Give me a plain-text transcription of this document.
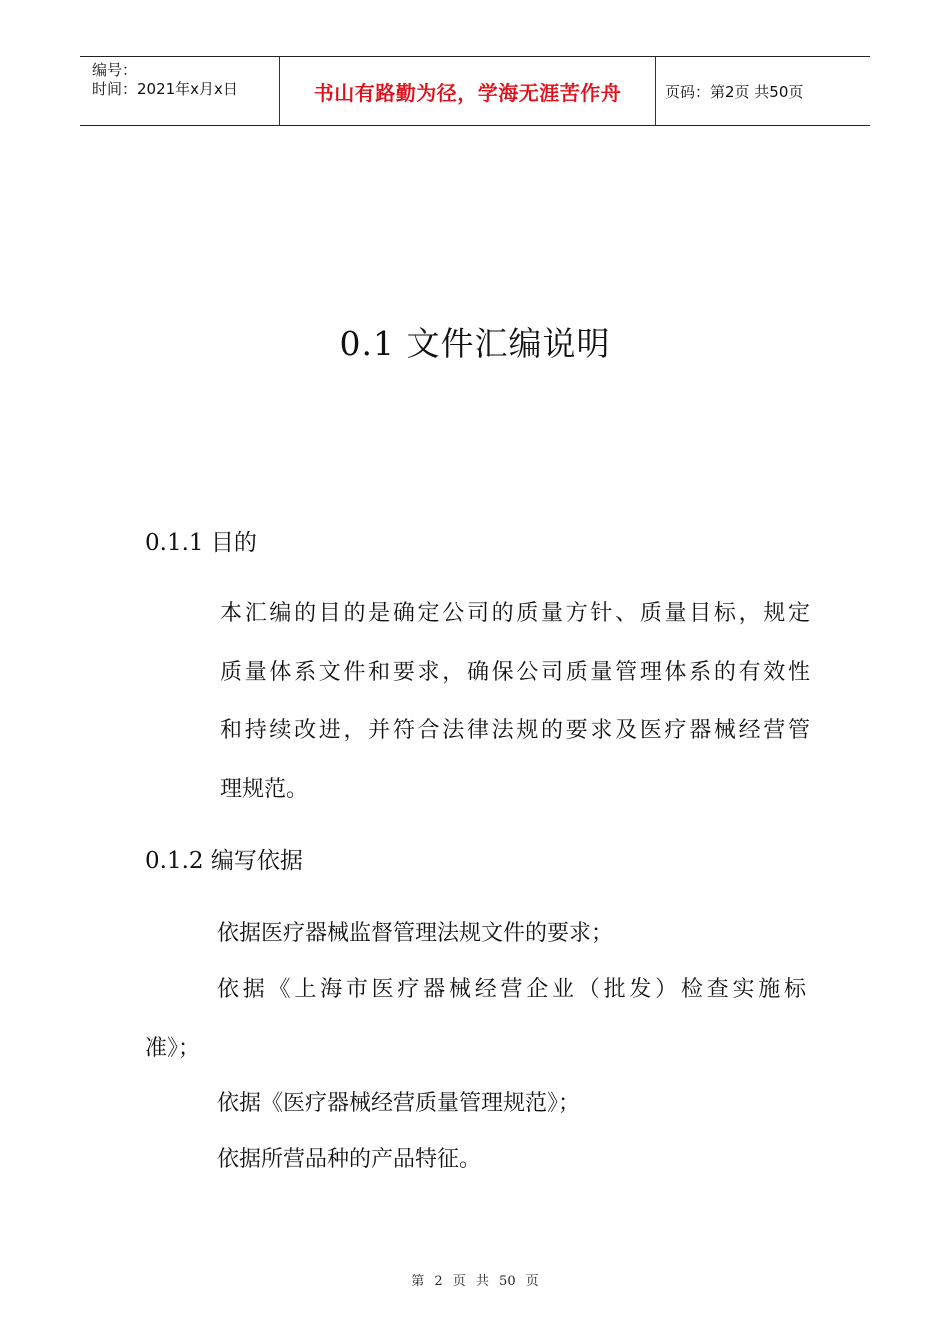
编号：
时间：2021年x月x日	书山有路勤为径，学海无涯苦作舟	页码：第2页 共50页
0.1 文件汇编说明
0.1.1 目的
本汇编的目的是确定公司的质量方针、质量目标，规定
质量体系文件和要求，确保公司质量管理体系的有效性
和持续改进，并符合法律法规的要求及医疗器械经营管
理规范。
0.1.2 编写依据
依据医疗器械监督管理法规文件的要求；
依据《上海市医疗器械经营企业（批发）检查实施标
准》；
依据《医疗器械经营质量管理规范》；
依据所营品种的产品特征。
第 2 页 共 50 页
